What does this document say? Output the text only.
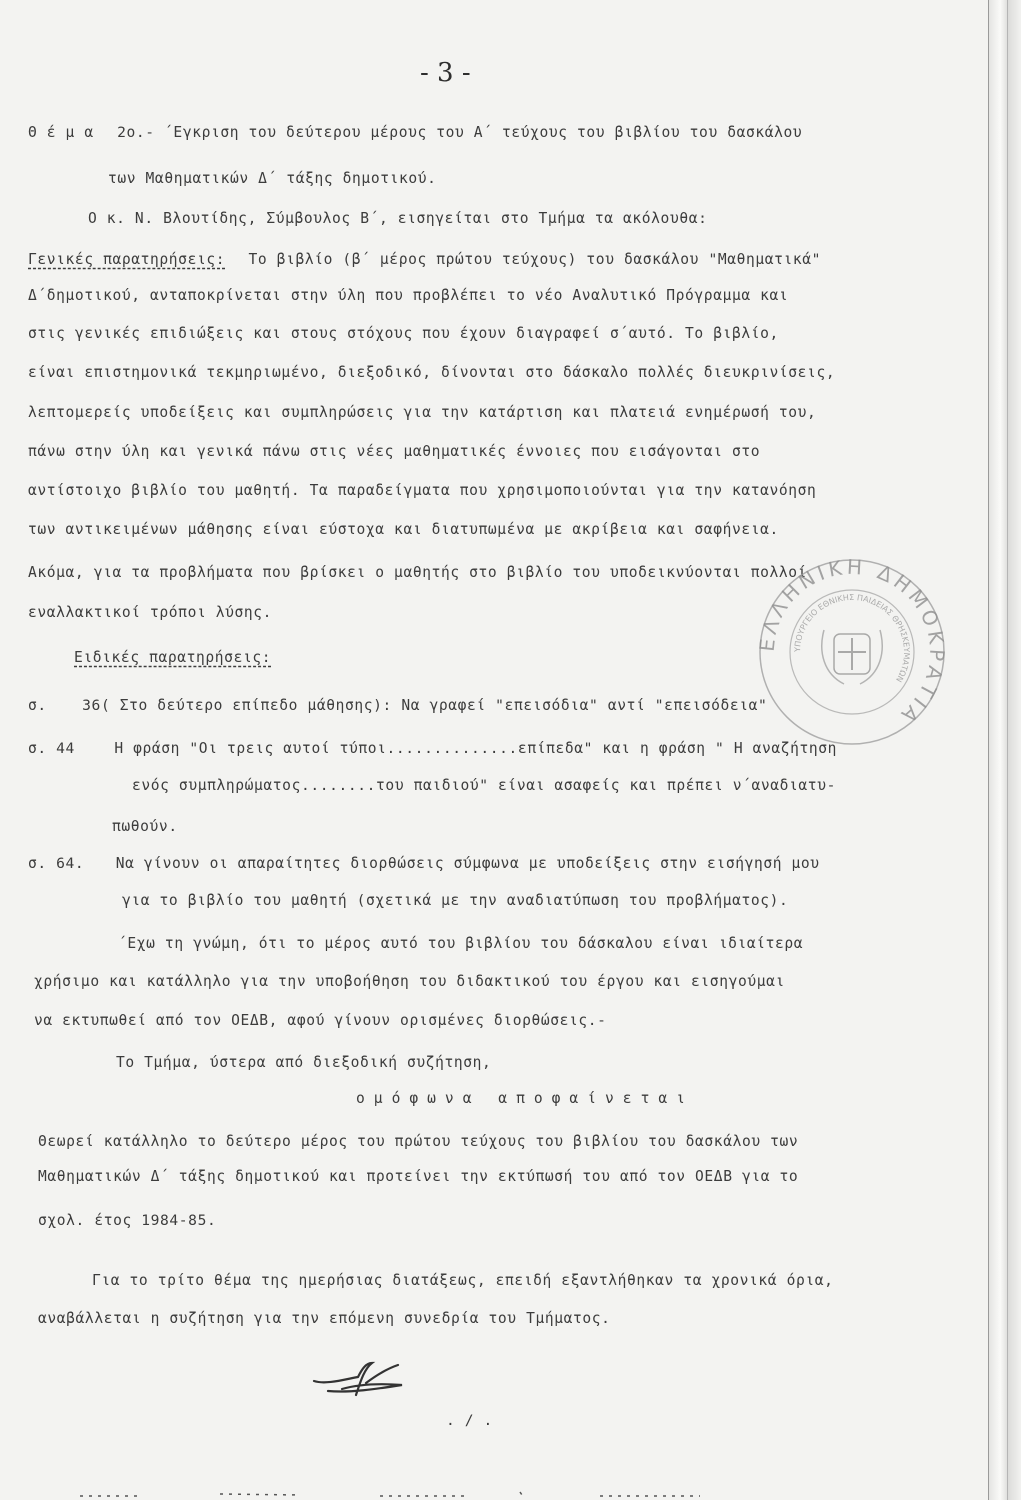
- 3 -
Θ έ μ α 2ο.- ΄Εγκριση του δεύτερου μέρους του Α΄ τεύχους του βιβλίου του δασκάλου
των Μαθηματικών Δ΄ τάξης δημοτικού.
Ο κ. Ν. Βλουτίδης, Σύμβουλος Β΄, εισηγείται στο Τμήμα τα ακόλουθα:
Γενικές παρατηρήσεις: Το βιβλίο (β΄ μέρος πρώτου τεύχους) του δασκάλου "Μαθηματικά"
Δ΄δημοτικού, ανταποκρίνεται στην ύλη που προβλέπει το νέο Αναλυτικό Πρόγραμμα και
στις γενικές επιδιώξεις και στους στόχους που έχουν διαγραφεί σ΄αυτό. Το βιβλίο,
είναι επιστημονικά τεκμηριωμένο, διεξοδικό, δίνονται στο δάσκαλο πολλές διευκρινίσεις,
λεπτομερείς υποδείξεις και συμπληρώσεις για την κατάρτιση και πλατειά ενημέρωσή του,
πάνω στην ύλη και γενικά πάνω στις νέες μαθηματικές έννοιες που εισάγονται στο
αντίστοιχο βιβλίο του μαθητή. Τα παραδείγματα που χρησιμοποιούνται για την κατανόηση
των αντικειμένων μάθησης είναι εύστοχα και διατυπωμένα με ακρίβεια και σαφήνεια.
Ακόμα, για τα προβλήματα που βρίσκει ο μαθητής στο βιβλίο του υποδεικνύονται πολλοί
εναλλακτικοί τρόποι λύσης.
Ειδικές παρατηρήσεις:
σ. 36( Στο δεύτερο επίπεδο μάθησης): Να γραφεί "επεισόδια" αντί "επεισόδεια"
σ. 44	Η φράση "Οι τρεις αυτοί τύποι..............επίπεδα" και η φράση " Η αναζήτηση
ενός συμπληρώματος........του παιδιού" είναι ασαφείς και πρέπει ν΄αναδιατυ-
πωθούν.
σ. 64. Να γίνουν οι απαραίτητες διορθώσεις σύμφωνα με υποδείξεις στην εισήγησή μου
για το βιβλίο του μαθητή (σχετικά με την αναδιατύπωση του προβλήματος).
΄Εχω τη γνώμη, ότι το μέρος αυτό του βιβλίου του δάσκαλου είναι ιδιαίτερα
χρήσιμο και κατάλληλο για την υποβοήθηση του διδακτικού του έργου και εισηγούμαι
να εκτυπωθεί από τον ΟΕΔΒ, αφού γίνουν ορισμένες διορθώσεις.-
Το Τμήμα, ύστερα από διεξοδική συζήτηση,
ομόφωνα αποφαίνεται
Θεωρεί κατάλληλο το δεύτερο μέρος του πρώτου τεύχους του βιβλίου του δασκάλου των
Μαθηματικών Δ΄ τάξης δημοτικού και προτείνει την εκτύπωσή του από τον ΟΕΔΒ για το
σχολ. έτος 1984-85.
Για το τρίτο θέμα της ημερήσιας διατάξεως, επειδή εξαντλήθηκαν τα χρονικά όρια,
αναβάλλεται η συζήτηση για την επόμενη συνεδρία του Τμήματος.
. / .
ΕΛΛΗΝΙΚΗ ΔΗΜΟΚΡΑΤΙΑ
ΥΠΟΥΡΓΕΙΟ ΕΘΝΙΚΗΣ ΠΑΙΔΕΙΑΣ ΘΡΗΣΚΕΥΜΑΤΩΝ
